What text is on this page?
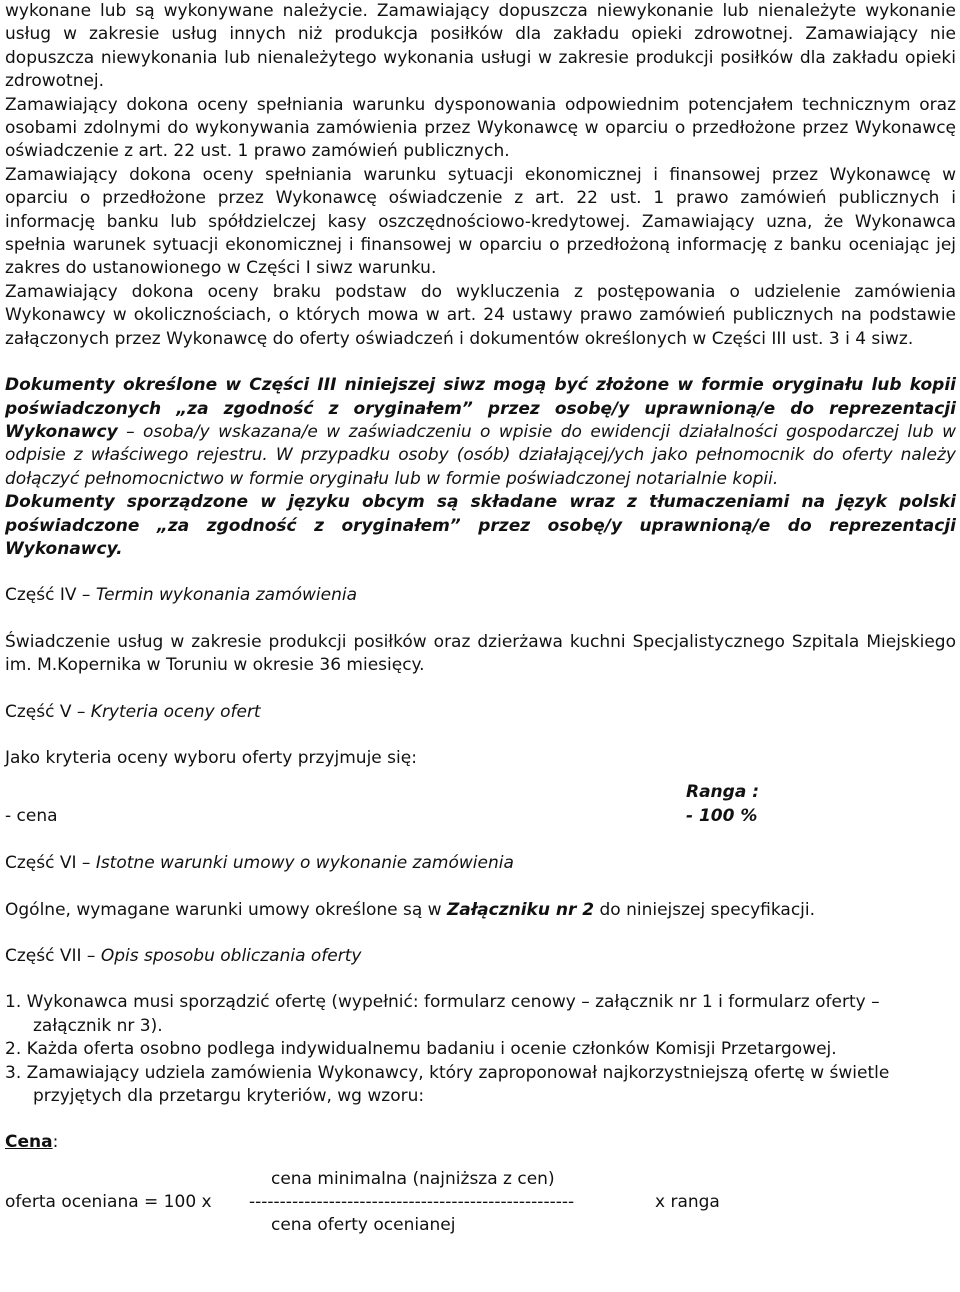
wykonane lub są wykonywane należycie. Zamawiający dopuszcza niewykonanie lub nienależyte wykonanie usług w zakresie usług innych niż produkcja posiłków dla zakładu opieki zdrowotnej. Zamawiający nie dopuszcza niewykonania lub nienależytego wykonania usługi w zakresie produkcji posiłków dla zakładu opieki zdrowotnej.

Zamawiający dokona oceny spełniania warunku dysponowania odpowiednim potencjałem technicznym oraz osobami zdolnymi do wykonywania zamówienia przez Wykonawcę w oparciu o przedłożone przez Wykonawcę oświadczenie z art. 22 ust. 1 prawo zamówień publicznych.

Zamawiający dokona oceny spełniania warunku sytuacji ekonomicznej i finansowej przez Wykonawcę w oparciu o przedłożone przez Wykonawcę oświadczenie z art. 22 ust. 1 prawo zamówień publicznych i informację banku lub spółdzielczej kasy oszczędnościowo-kredytowej. Zamawiający uzna, że Wykonawca spełnia warunek sytuacji ekonomicznej i finansowej w oparciu o przedłożoną informację z banku oceniając jej zakres do ustanowionego w Części I siwz warunku.

Zamawiający dokona oceny braku podstaw do wykluczenia z postępowania o udzielenie zamówienia Wykonawcy w okolicznościach, o których mowa w art. 24 ustawy prawo zamówień publicznych na podstawie załączonych przez Wykonawcę do oferty oświadczeń i dokumentów określonych w Części III ust. 3 i 4 siwz.

Dokumenty określone w Części III niniejszej siwz mogą być złożone w formie oryginału lub kopii poświadczonych „za zgodność z oryginałem” przez osobę/y uprawnioną/e do reprezentacji Wykonawcy – osoba/y wskazana/e w zaświadczeniu o wpisie do ewidencji działalności gospodarczej lub w odpisie z właściwego rejestru. W przypadku osoby (osób) działającej/ych jako pełnomocnik do oferty należy dołączyć pełnomocnictwo w formie oryginału lub w formie poświadczonej notarialnie kopii.

Dokumenty sporządzone w języku obcym są składane wraz z tłumaczeniami na język polski poświadczone „za zgodność z oryginałem” przez osobę/y uprawnioną/e do reprezentacji Wykonawcy.

Część IV – Termin wykonania zamówienia

Świadczenie usług w zakresie produkcji posiłków oraz dzierżawa kuchni Specjalistycznego Szpitala Miejskiego im. M.Kopernika w Toruniu w okresie 36 miesięcy.

Część V – Kryteria oceny ofert

Jako kryteria oceny wyboru oferty przyjmuje się:

Ranga :
- cena	- 100 %

Część VI – Istotne warunki umowy o wykonanie zamówienia

Ogólne, wymagane warunki umowy określone są w Załączniku nr 2 do niniejszej specyfikacji.

Część VII – Opis sposobu obliczania oferty

1. Wykonawca musi sporządzić ofertę (wypełnić: formularz cenowy – załącznik nr 1 i formularz oferty – załącznik nr 3).

2. Każda oferta osobno podlega indywidualnemu badaniu i ocenie członków Komisji Przetargowej.

3. Zamawiający udziela zamówienia Wykonawcy, który zaproponował najkorzystniejszą ofertę w świetle przyjętych dla przetargu kryteriów, wg wzoru:

Cena:

cena minimalna (najniższa z cen)
oferta oceniana = 100 x -----------------------------------------------------	x ranga
cena oferty ocenianej
